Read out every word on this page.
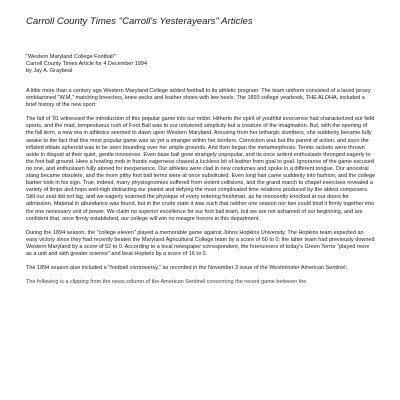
Carroll County Times "Carroll's Yesterayears" Articles
"Western Maryland College Football"
Carroll County Times Article for 4 December 1994
by Jay A. Graybeal

A little more than a century ago Western Maryland College added football to its athletic program. The team uniform consisted of a laced jersey emblazoned "W.M," matching breeches, knee socks and leather shoes with low heels. The 1893 college yearbook, THE ALOHA, included a brief history of the new sport:

The fall of '91 witnessed the introduction of this popular game into our midst. Hitherto the spirit of youthful innocence had characterized our field sports, and the mad, tempestuous rush of Foot Ball was to our untutored simplicity but a creature of the imagination. But, with the opening of the fall term, a new era in athletics seemed to dawn upon Western Maryland. Arousing from her lethargic slumbers, she suddenly became fully awake to the fact that this most popular game was as yet a stranger within her borders. Conviction was but the parent of action, and soon the inflated oblate spheroid was to be seen bounding over her ample grounds. And then began the metamorphosis. Tennis rackets were thrown aside in disgust at their quiet, gentle innocence. Even base ball grew strangely unpopular, and its once ardent enthusiasts thronged eagerly to the foot ball ground. Here a howling mob in frantic eagerness chased a luckless bit of leather from goal to goal. Ignorance of the game excused no one, and enthusiasm fully atoned for inexperience. Our athletes were clad in new costumes and spoke in a different tongue. Our ancestral slang became obsolete, and the more pithy foot ball terms were at once substituted. Even long hair came suddenly into fashion, and the college barber took in his sign. True, indeed, many physiognomies suffered from violent collisions, and the grand march to chapel exercises revealed a variety of limps and hops well-nigh distracting our pianist and defying the most complicated time relations produced by the ablest composers. Still our zeal did not lag, and we eagerly scanned the physique of every entering freshman, as he innocently knocked at our doors for admission. Material in abundance was found, but in the crude state it was such that neither one season nor two could bind it firmly together into the one necessary unit of power. We claim no superior excellence for our foot ball team, but we are not ashamed of our beginning, and are confident that, once firmly established, our college will win no meagre honors in this department.

During the 1894 season, the "college eleven" played a memorable game against Johns Hopkins University. The Hopkins team expected an easy victory since they had recently beaten the Maryland Agricultural College team by a score of 60 to 0; the latter team had previously downed Western Maryland by a score of 52 to 0. According to a local newspaper correspondent, the forerunners of today's Green Terror "played more as a unit and with greater science" and beat Hopkins by a score of 16 to 0.

The 1894 season also included a "football controversy," as recorded in the November 3 issue of the Westminster American Sentinel:

The following is a clipping from the news column of the American Sentinel concerning the recent game between the
